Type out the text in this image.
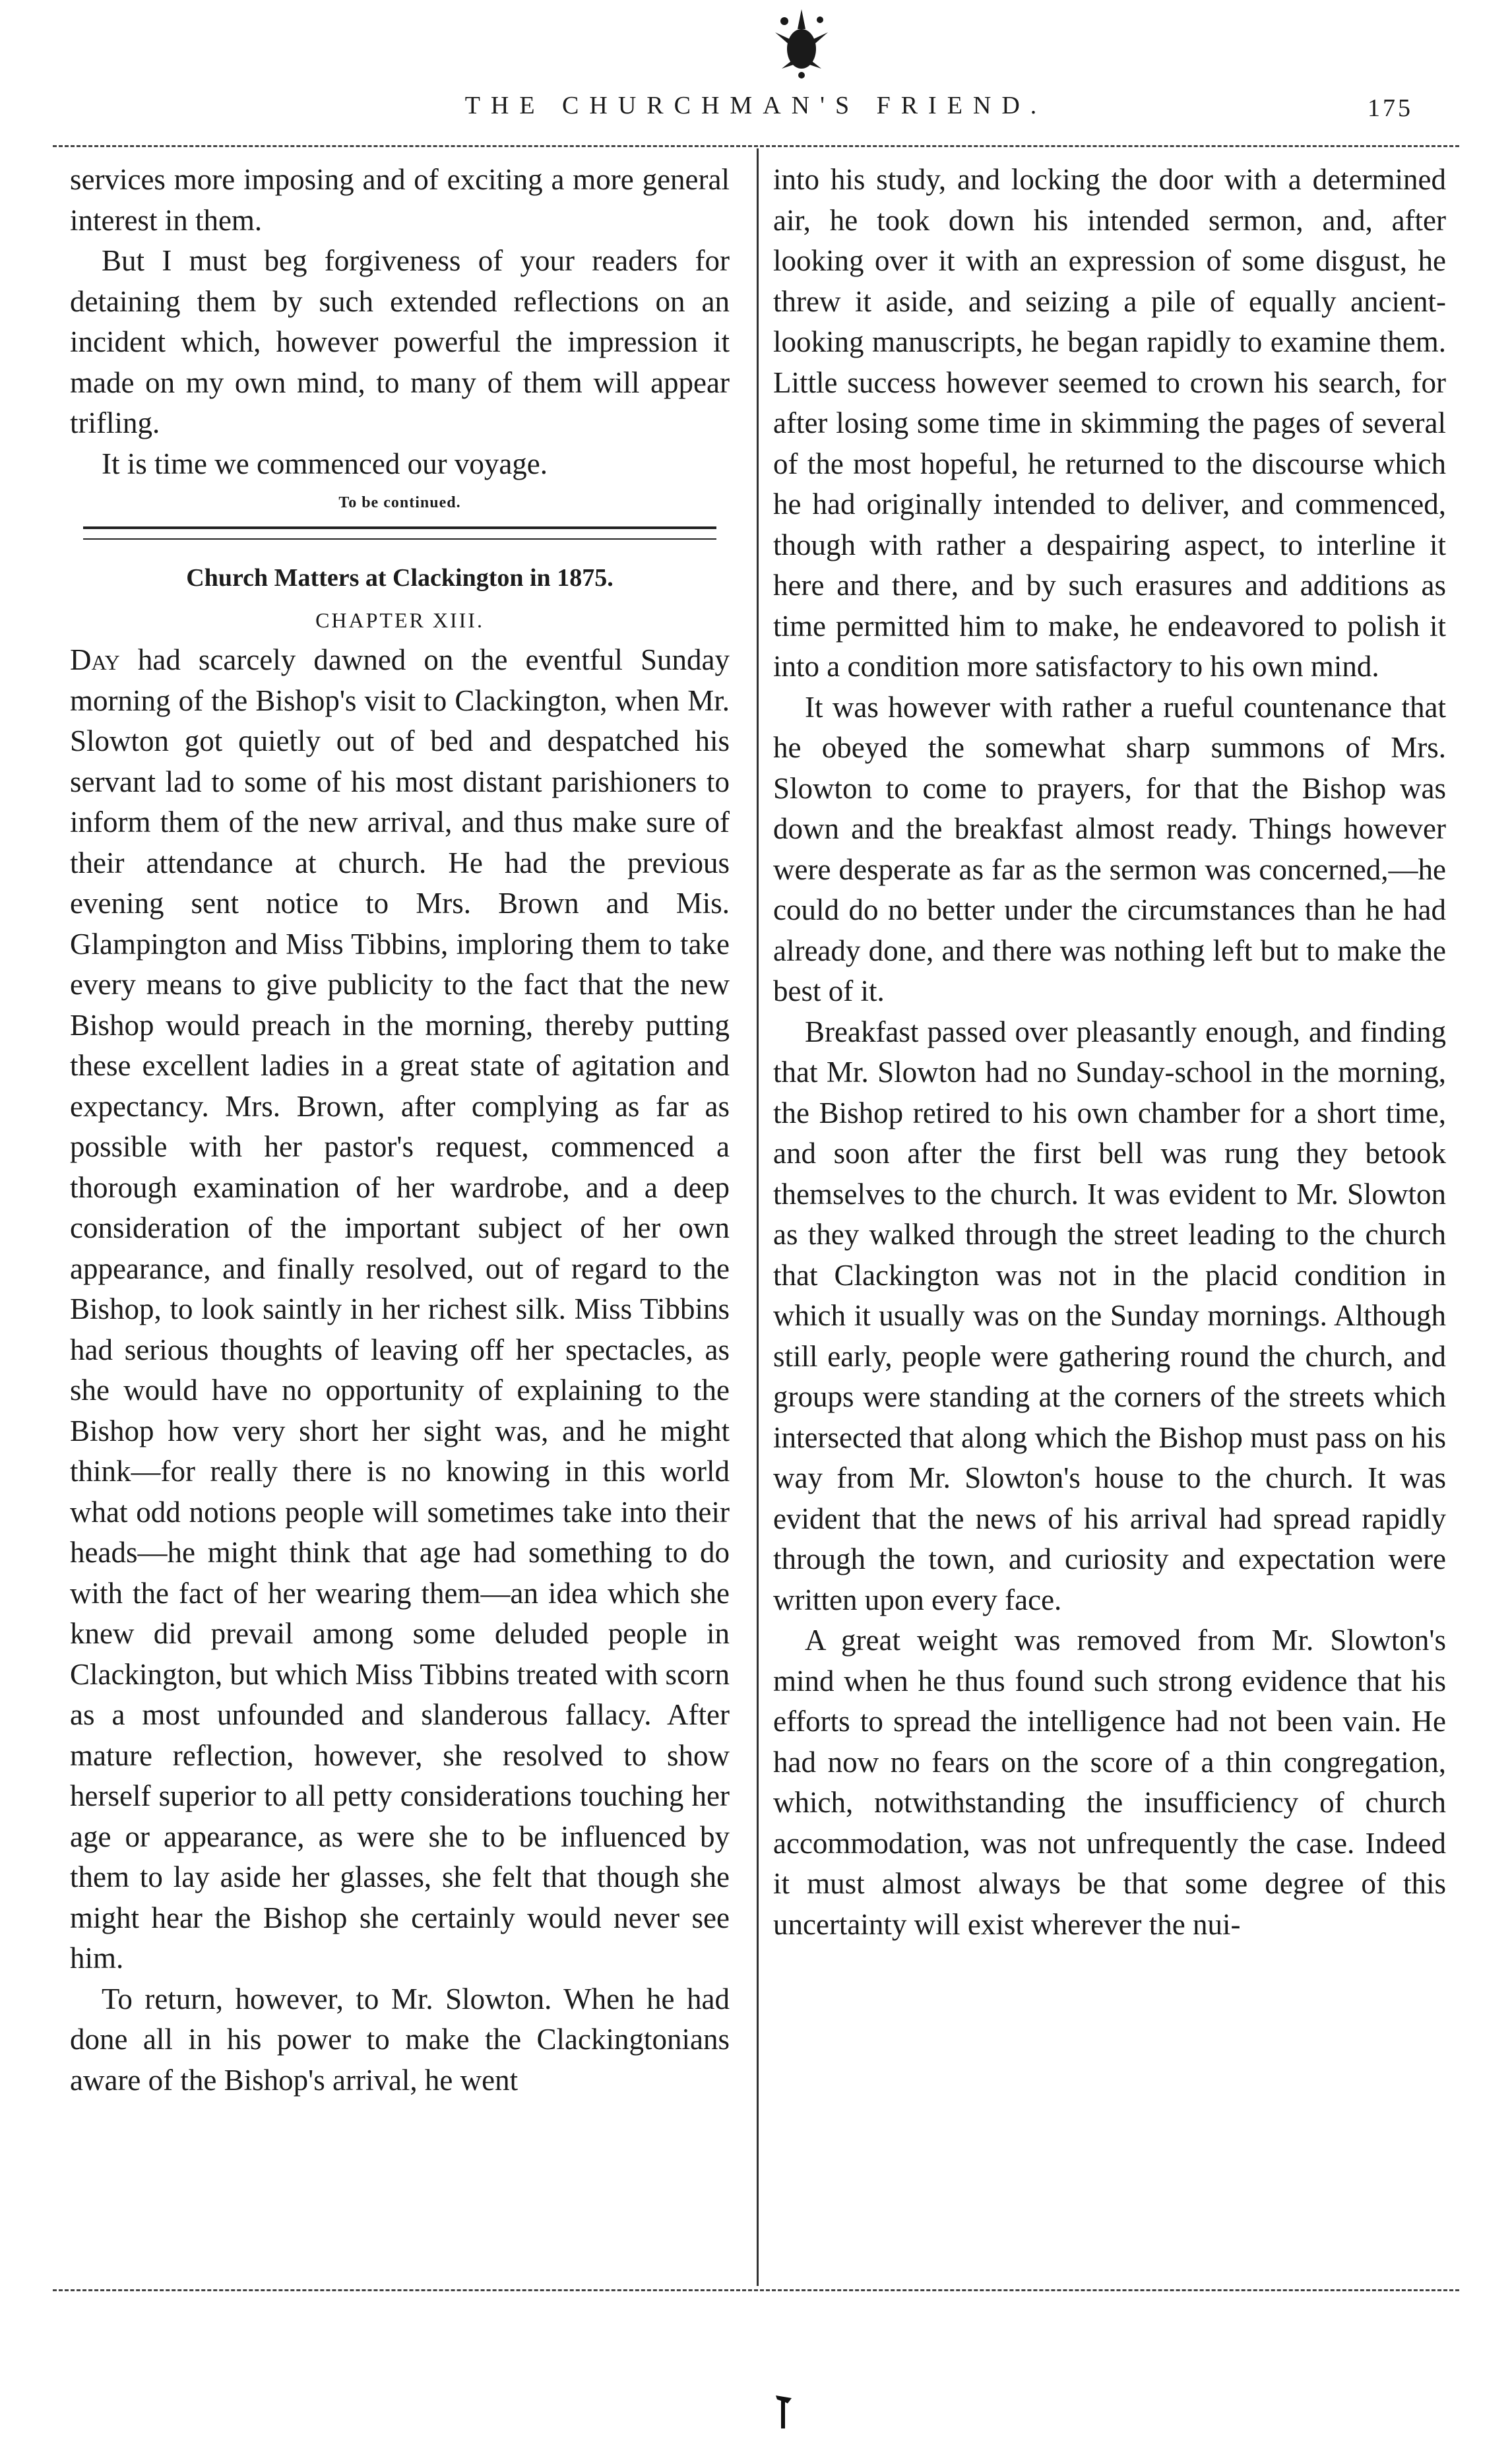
THE CHURCHMAN'S FRIEND.	175

services more imposing and of exciting a more general interest in them.

But I must beg forgiveness of your readers for detaining them by such extended reflections on an incident which, however powerful the impression it made on my own mind, to many of them will appear trifling.

It is time we commenced our voyage.

To be continued.
Church Matters at Clackington in 1875.
CHAPTER XIII.

Day had scarcely dawned on the eventful Sunday morning of the Bishop's visit to Clackington, when Mr. Slowton got quietly out of bed and despatched his servant lad to some of his most distant parishioners to inform them of the new arrival, and thus make sure of their attendance at church. He had the previous evening sent notice to Mrs. Brown and Mis. Glampington and Miss Tibbins, imploring them to take every means to give publicity to the fact that the new Bishop would preach in the morning, thereby putting these excellent ladies in a great state of agitation and expectancy. Mrs. Brown, after complying as far as possible with her pastor's request, commenced a thorough examination of her wardrobe, and a deep consideration of the important subject of her own appearance, and finally resolved, out of regard to the Bishop, to look saintly in her richest silk. Miss Tibbins had serious thoughts of leaving off her spectacles, as she would have no opportunity of explaining to the Bishop how very short her sight was, and he might think—for really there is no knowing in this world what odd notions people will sometimes take into their heads—he might think that age had something to do with the fact of her wearing them—an idea which she knew did prevail among some deluded people in Clackington, but which Miss Tibbins treated with scorn as a most unfounded and slanderous fallacy. After mature reflection, however, she resolved to show herself superior to all petty considerations touching her age or appearance, as were she to be influenced by them to lay aside her glasses, she felt that though she might hear the Bishop she certainly would never see him.

To return, however, to Mr. Slowton. When he had done all in his power to make the Clackingtonians aware of the Bishop's arrival, he went

into his study, and locking the door with a determined air, he took down his intended sermon, and, after looking over it with an expression of some disgust, he threw it aside, and seizing a pile of equally ancient-looking manuscripts, he began rapidly to examine them. Little success however seemed to crown his search, for after losing some time in skimming the pages of several of the most hopeful, he returned to the discourse which he had originally intended to deliver, and commenced, though with rather a despairing aspect, to interline it here and there, and by such erasures and additions as time permitted him to make, he endeavored to polish it into a condition more satisfactory to his own mind.

It was however with rather a rueful countenance that he obeyed the somewhat sharp summons of Mrs. Slowton to come to prayers, for that the Bishop was down and the breakfast almost ready. Things however were desperate as far as the sermon was concerned,—he could do no better under the circumstances than he had already done, and there was nothing left but to make the best of it.

Breakfast passed over pleasantly enough, and finding that Mr. Slowton had no Sunday-school in the morning, the Bishop retired to his own chamber for a short time, and soon after the first bell was rung they betook themselves to the church. It was evident to Mr. Slowton as they walked through the street leading to the church that Clackington was not in the placid condition in which it usually was on the Sunday mornings. Although still early, people were gathering round the church, and groups were standing at the corners of the streets which intersected that along which the Bishop must pass on his way from Mr. Slowton's house to the church. It was evident that the news of his arrival had spread rapidly through the town, and curiosity and expectation were written upon every face.

A great weight was removed from Mr. Slowton's mind when he thus found such strong evidence that his efforts to spread the intelligence had not been vain. He had now no fears on the score of a thin congregation, which, notwithstanding the insufficiency of church accommodation, was not unfrequently the case. Indeed it must almost always be that some degree of this uncertainty will exist wherever the nui-
